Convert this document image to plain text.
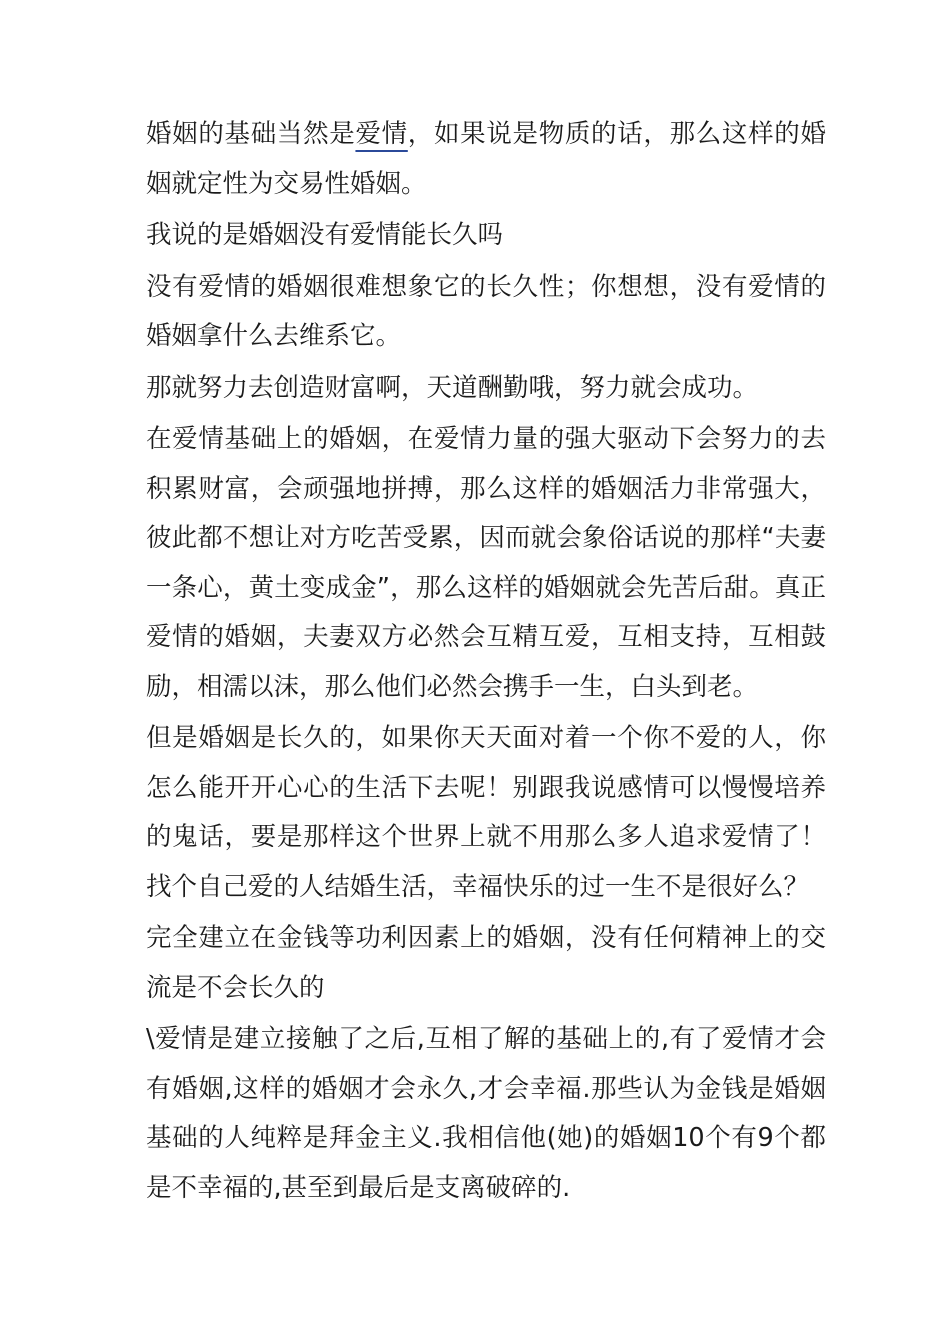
婚姻的基础当然是爱情，如果说是物质的话，那么这样的婚姻就定性为交易性婚姻。

我说的是婚姻没有爱情能长久吗

没有爱情的婚姻很难想象它的长久性；你想想，没有爱情的婚姻拿什么去维系它。

那就努力去创造财富啊，天道酬勤哦，努力就会成功。

在爱情基础上的婚姻，在爱情力量的强大驱动下会努力的去积累财富，会顽强地拼搏，那么这样的婚姻活力非常强大，彼此都不想让对方吃苦受累，因而就会象俗话说的那样“夫妻一条心，黄土变成金”，那么这样的婚姻就会先苦后甜。真正爱情的婚姻，夫妻双方必然会互精互爱，互相支持，互相鼓励，相濡以沫，那么他们必然会携手一生，白头到老。

但是婚姻是长久的，如果你天天面对着一个你不爱的人，你怎么能开开心心的生活下去呢！别跟我说感情可以慢慢培养的鬼话，要是那样这个世界上就不用那么多人追求爱情了！找个自己爱的人结婚生活，幸福快乐的过一生不是很好么？

完全建立在金钱等功利因素上的婚姻，没有任何精神上的交流是不会长久的

\爱情是建立接触了之后,互相了解的基础上的,有了爱情才会有婚姻,这样的婚姻才会永久,才会幸福.那些认为金钱是婚姻基础的人纯粹是拜金主义.我相信他(她)的婚姻10个有9个都是不幸福的,甚至到最后是支离破碎的.
